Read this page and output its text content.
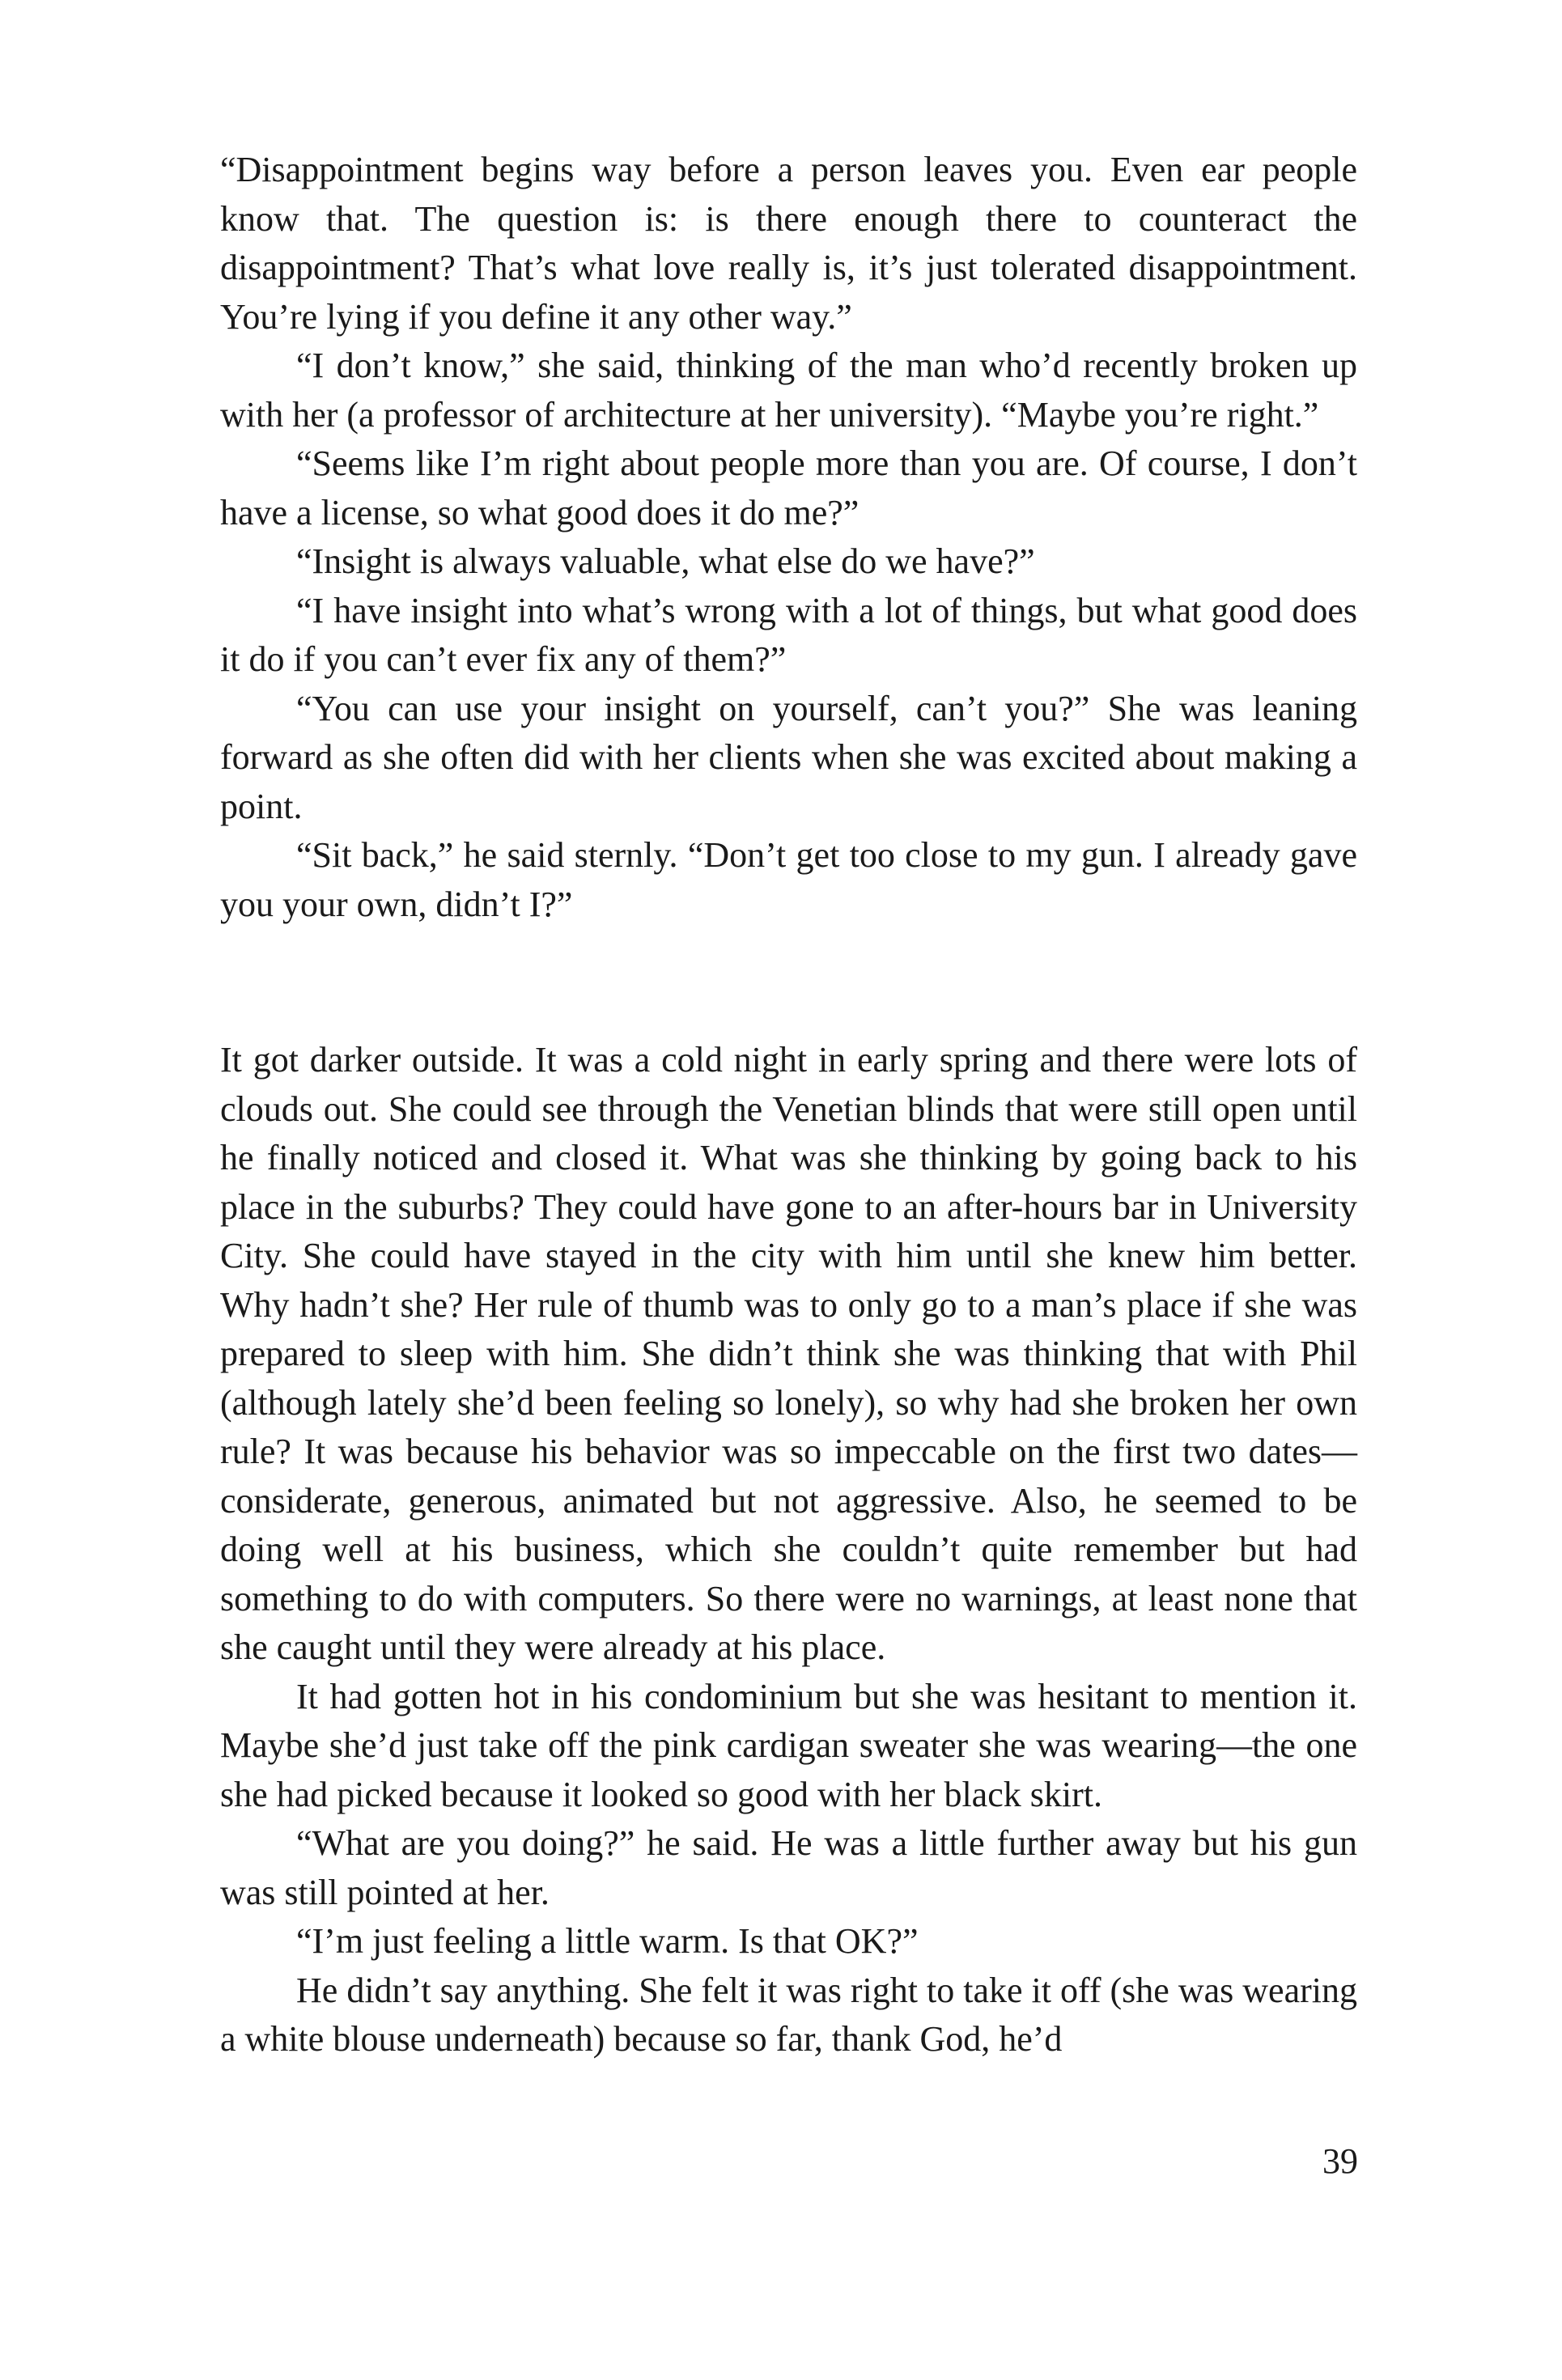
“Disappointment begins way before a person leaves you. Even ear people know that. The question is: is there enough there to counteract the disappointment? That’s what love really is, it’s just tolerated disappointment. You’re lying if you define it any other way.”

“I don’t know,” she said, thinking of the man who’d recently broken up with her (a professor of architecture at her university). “Maybe you’re right.”

“Seems like I’m right about people more than you are. Of course, I don’t have a license, so what good does it do me?”

“Insight is always valuable, what else do we have?”

“I have insight into what’s wrong with a lot of things, but what good does it do if you can’t ever fix any of them?”

“You can use your insight on yourself, can’t you?” She was leaning forward as she often did with her clients when she was excited about making a point.

“Sit back,” he said sternly. “Don’t get too close to my gun. I already gave you your own, didn’t I?”

It got darker outside. It was a cold night in early spring and there were lots of clouds out. She could see through the Venetian blinds that were still open until he finally noticed and closed it. What was she thinking by going back to his place in the suburbs? They could have gone to an after-hours bar in University City. She could have stayed in the city with him until she knew him better. Why hadn’t she? Her rule of thumb was to only go to a man’s place if she was prepared to sleep with him. She didn’t think she was thinking that with Phil (although lately she’d been feeling so lonely), so why had she broken her own rule? It was because his behavior was so impeccable on the first two dates—considerate, generous, animated but not aggressive. Also, he seemed to be doing well at his business, which she couldn’t quite remember but had something to do with computers. So there were no warnings, at least none that she caught until they were already at his place.

It had gotten hot in his condominium but she was hesitant to mention it. Maybe she’d just take off the pink cardigan sweater she was wearing—the one she had picked because it looked so good with her black skirt.

“What are you doing?” he said. He was a little further away but his gun was still pointed at her.

“I’m just feeling a little warm. Is that OK?”

He didn’t say anything. She felt it was right to take it off (she was wearing a white blouse underneath) because so far, thank God, he’d

39
